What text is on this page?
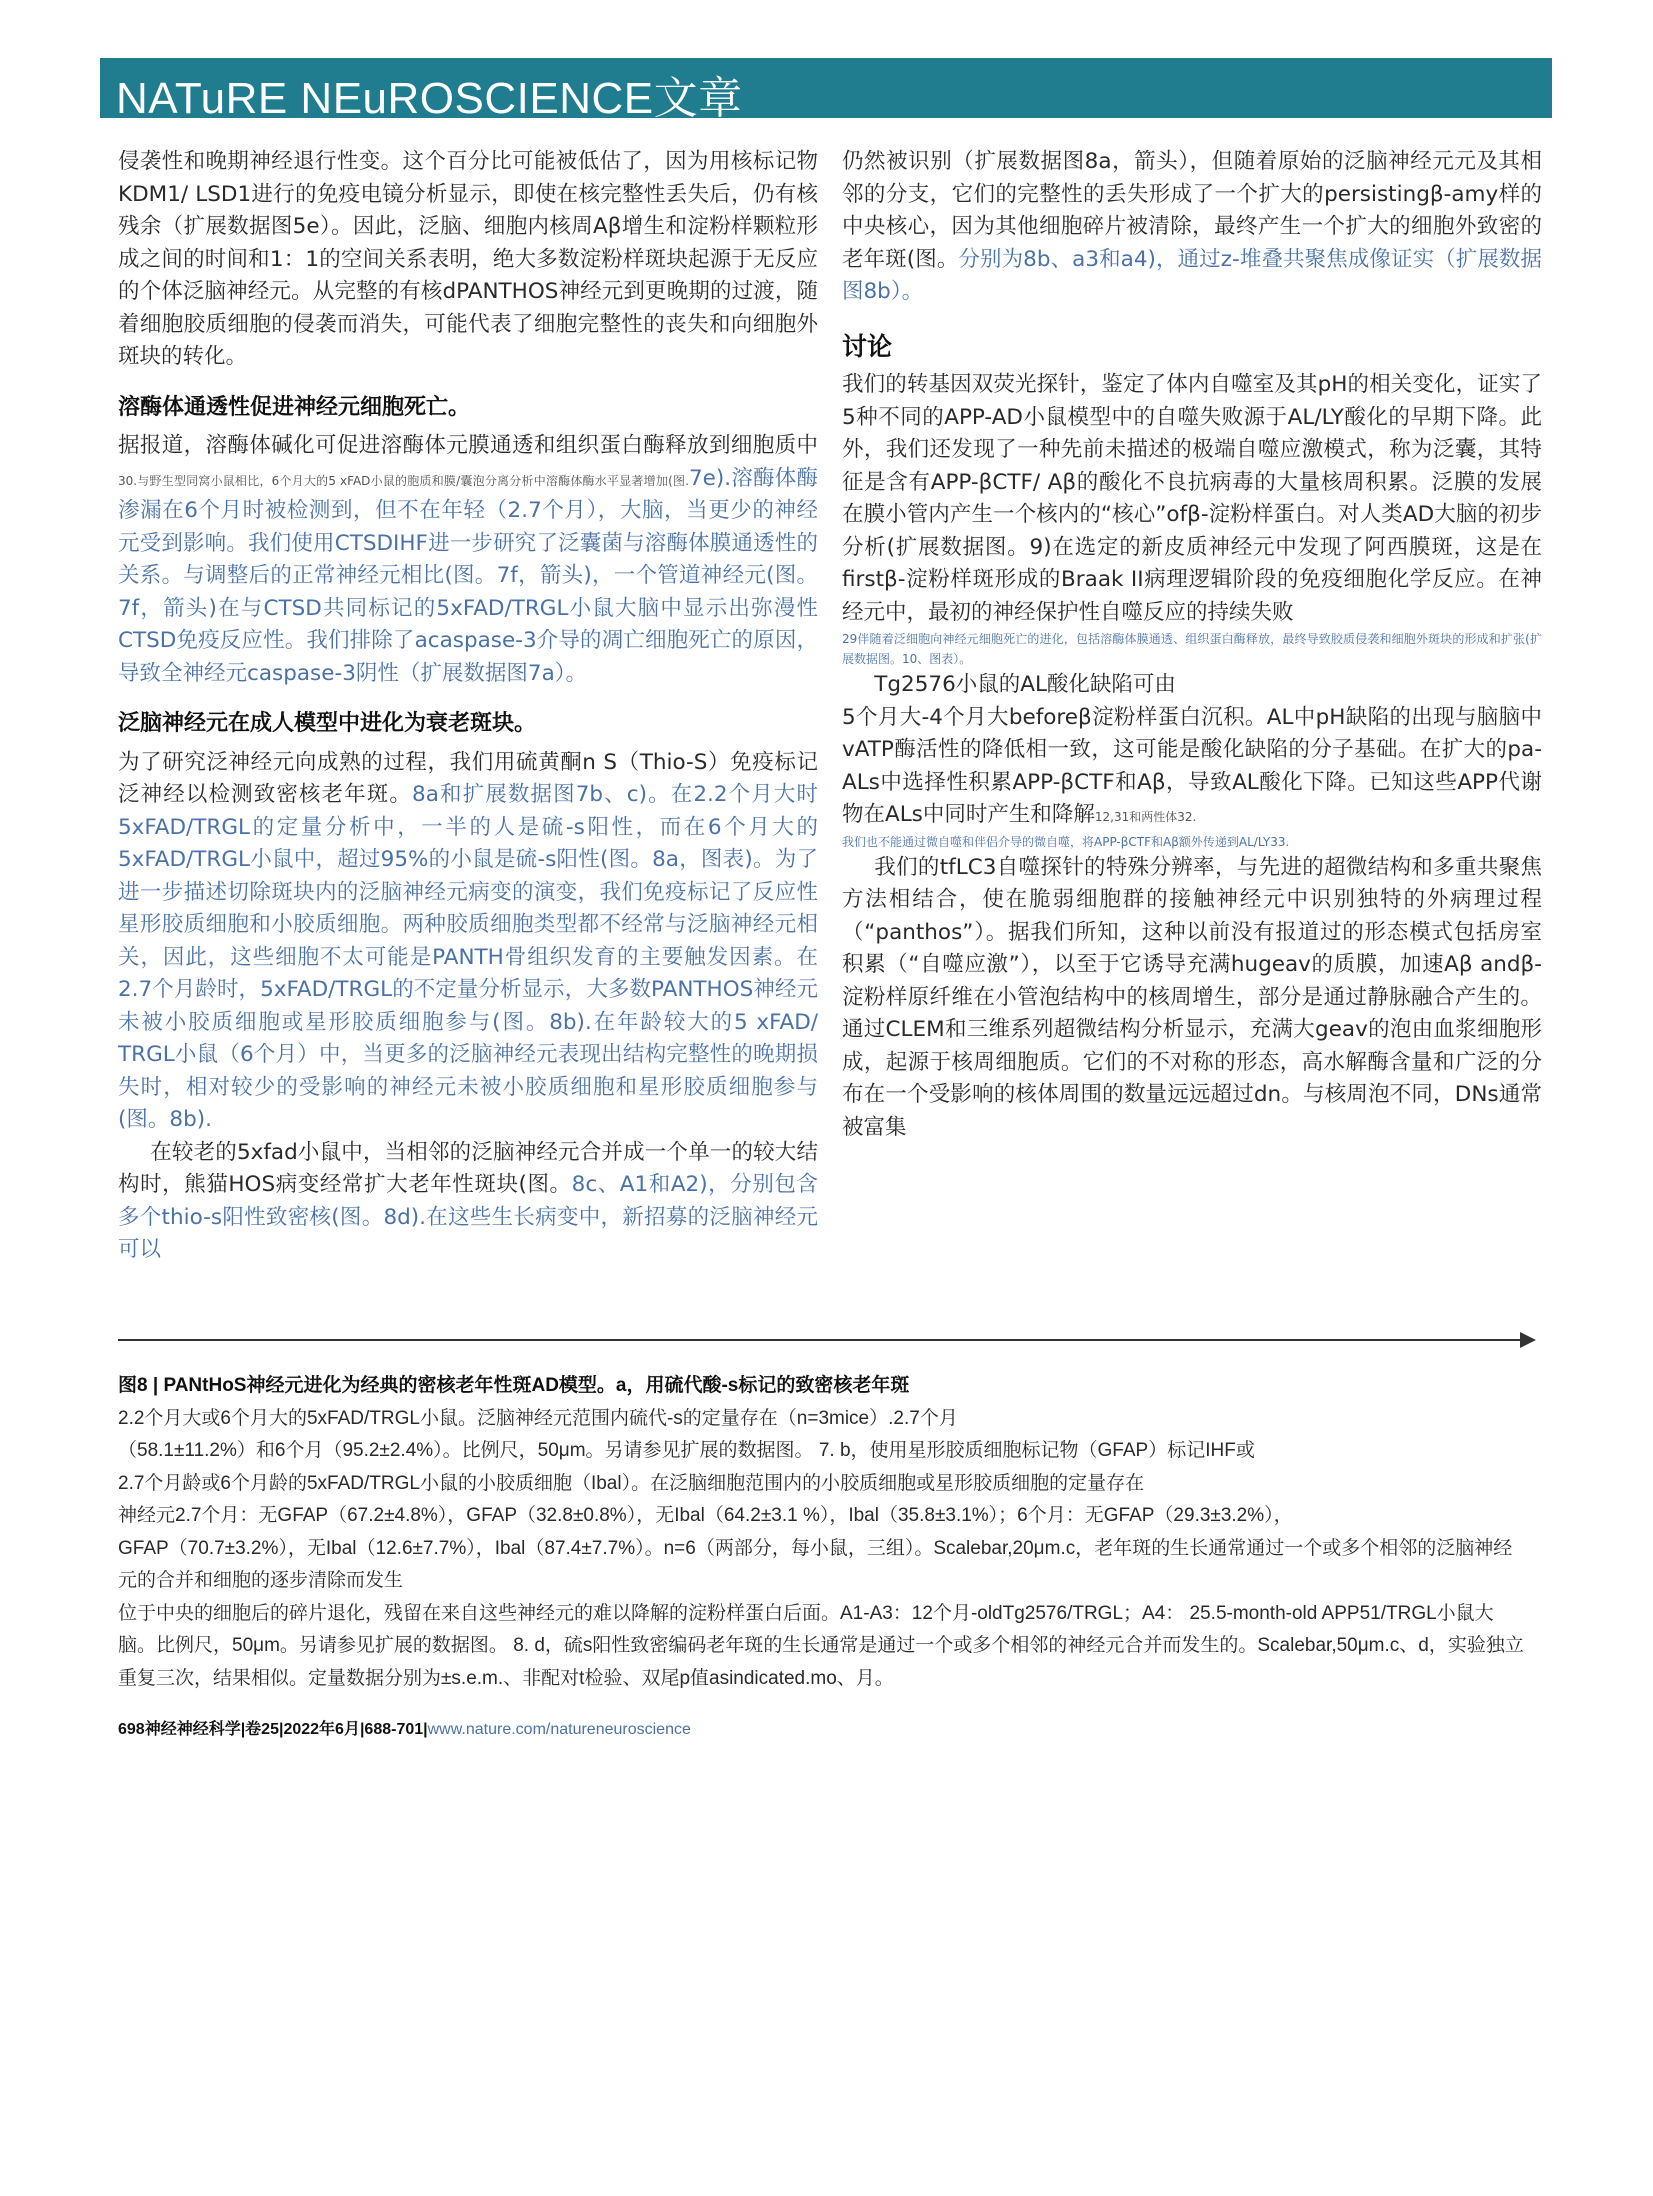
NATuRE NEuROSCIENCE文章

侵袭性和晚期神经退行性变。这个百分比可能被低估了，因为用核标记物KDM1/ LSD1进行的免疫电镜分析显示，即使在核完整性丢失后，仍有核残余（扩展数据图5e）。因此，泛脑、细胞内核周Aβ增生和淀粉样颗粒形成之间的时间和1：1的空间关系表明，绝大多数淀粉样斑块起源于无反应的个体泛脑神经元。从完整的有核dPANTHOS神经元到更晚期的过渡，随着细胞胶质细胞的侵袭而消失，可能代表了细胞完整性的丧失和向细胞外斑块的转化。

溶酶体通透性促进神经元细胞死亡。

据报道，溶酶体碱化可促进溶酶体元膜通透和组织蛋白酶释放到细胞质中30.与野生型同窝小鼠相比，6个月大的5 xFAD小鼠的胞质和膜/囊泡分离分析中溶酶体酶水平显著增加(图.7e).溶酶体酶渗漏在6个月时被检测到，但不在年轻（2.7个月），大脑，当更少的神经元受到影响。我们使用CTSDIHF进一步研究了泛囊菌与溶酶体膜通透性的关系。与调整后的正常神经元相比(图。7f，箭头)，一个管道神经元(图。 7f，箭头)在与CTSD共同标记的5xFAD/TRGL小鼠大脑中显示出弥漫性CTSD免疫反应性。我们排除了acaspase-3介导的凋亡细胞死亡的原因，导致全神经元caspase-3阴性（扩展数据图7a）。

泛脑神经元在成人模型中进化为衰老斑块。

为了研究泛神经元向成熟的过程，我们用硫黄酮n S（Thio-S）免疫标记泛神经以检测致密核老年斑。8a和扩展数据图7b、c)。在2.2个月大时5xFAD/TRGL的定量分析中，一半的人是硫-s阳性，而在6个月大的5xFAD/TRGL小鼠中，超过95%的小鼠是硫-s阳性(图。8a，图表)。为了进一步描述切除斑块内的泛脑神经元病变的演变，我们免疫标记了反应性星形胶质细胞和小胶质细胞。两种胶质细胞类型都不经常与泛脑神经元相关，因此，这些细胞不太可能是PANTH骨组织发育的主要触发因素。在2.7个月龄时，5xFAD/TRGL的不定量分析显示，大多数PANTHOS神经元未被小胶质细胞或星形胶质细胞参与(图。8b).在年龄较大的5 xFAD/ TRGL小鼠（6个月）中，当更多的泛脑神经元表现出结构完整性的晚期损失时，相对较少的受影响的神经元未被小胶质细胞和星形胶质细胞参与(图。8b).

在较老的5xfad小鼠中，当相邻的泛脑神经元合并成一个单一的较大结构时，熊猫HOS病变经常扩大老年性斑块(图。8c、A1和A2)，分别包含多个thio-s阳性致密核(图。8d).在这些生长病变中，新招募的泛脑神经元可以

仍然被识别（扩展数据图8a，箭头），但随着原始的泛脑神经元元及其相邻的分支，它们的完整性的丢失形成了一个扩大的persistingβ-amy样的中央核心，因为其他细胞碎片被清除，最终产生一个扩大的细胞外致密的老年斑(图。分别为8b、a3和a4)，通过z-堆叠共聚焦成像证实（扩展数据图8b）。

讨论

我们的转基因双荧光探针，鉴定了体内自噬室及其pH的相关变化，证实了5种不同的APP-AD小鼠模型中的自噬失败源于AL/LY酸化的早期下降。此外，我们还发现了一种先前未描述的极端自噬应激模式，称为泛囊，其特征是含有APP-βCTF/ Aβ的酸化不良抗病毒的大量核周积累。泛膜的发展在膜小管内产生一个核内的“核心”ofβ-淀粉样蛋白。对人类AD大脑的初步分析(扩展数据图。9)在选定的新皮质神经元中发现了阿西膜斑，这是在firstβ-淀粉样斑形成的Braak II病理逻辑阶段的免疫细胞化学反应。在神经元中，最初的神经保护性自噬反应的持续失败

29伴随着泛细胞向神经元细胞死亡的进化，包括溶酶体膜通透、组织蛋白酶释放，最终导致胶质侵袭和细胞外斑块的形成和扩张(扩展数据图。10、图表）。

Tg2576小鼠的AL酸化缺陷可由

5个月大-4个月大beforeβ淀粉样蛋白沉积。AL中pH缺陷的出现与脑脑中vATP酶活性的降低相一致，这可能是酸化缺陷的分子基础。在扩大的pa- ALs中选择性积累APP-βCTF和Aβ，导致AL酸化下降。已知这些APP代谢物在ALs中同时产生和降解12,31和两性体32.

我们也不能通过微自噬和伴侣介导的微自噬，将APP-βCTF和Aβ额外传递到AL/LY33.

我们的tfLC3自噬探针的特殊分辨率，与先进的超微结构和多重共聚焦方法相结合，使在脆弱细胞群的接触神经元中识别独特的外病理过程（“panthos”）。据我们所知，这种以前没有报道过的形态模式包括房室积累（“自噬应激”），以至于它诱导充满hugeav的质膜，加速Aβ andβ-淀粉样原纤维在小管泡结构中的核周增生，部分是通过静脉融合产生的。通过CLEM和三维系列超微结构分析显示，充满大geav的泡由血浆细胞形成，起源于核周细胞质。它们的不对称的形态，高水解酶含量和广泛的分布在一个受影响的核体周围的数量远远超过dn。与核周泡不同，DNs通常被富集

图8 | PANtHoS神经元进化为经典的密核老年性斑AD模型。a，用硫代酸-s标记的致密核老年斑

2.2个月大或6个月大的5xFAD/TRGL小鼠。泛脑神经元范围内硫代-s的定量存在（n=3mice）.2.7个月

（58.1±11.2%）和6个月（95.2±2.4%）。比例尺，50μm。另请参见扩展的数据图。 7. b，使用星形胶质细胞标记物（GFAP）标记IHF或

2.7个月龄或6个月龄的5xFAD/TRGL小鼠的小胶质细胞（Ibal）。在泛脑细胞范围内的小胶质细胞或星形胶质细胞的定量存在

神经元2.7个月：无GFAP（67.2±4.8%），GFAP（32.8±0.8%），无Ibal（64.2±3.1 %），Ibal（35.8±3.1%）；6个月：无GFAP（29.3±3.2%），

GFAP（70.7±3.2%），无Ibal（12.6±7.7%），Ibal（87.4±7.7%）。n=6（两部分，每小鼠，三组）。Scalebar,20μm.c，老年斑的生长通常通过一个或多个相邻的泛脑神经元的合并和细胞的逐步清除而发生

位于中央的细胞后的碎片退化，残留在来自这些神经元的难以降解的淀粉样蛋白后面。A1-A3：12个月-oldTg2576/TRGL；A4： 25.5-month-old APP51/TRGL小鼠大脑。比例尺，50μm。另请参见扩展的数据图。 8. d，硫s阳性致密编码老年斑的生长通常是通过一个或多个相邻的神经元合并而发生的。Scalebar,50μm.c、d，实验独立重复三次，结果相似。定量数据分别为±s.e.m.、非配对t检验、双尾p值asindicated.mo、月。

698神经神经科学|卷25|2022年6月|688-701|www.nature.com/natureneuroscience
